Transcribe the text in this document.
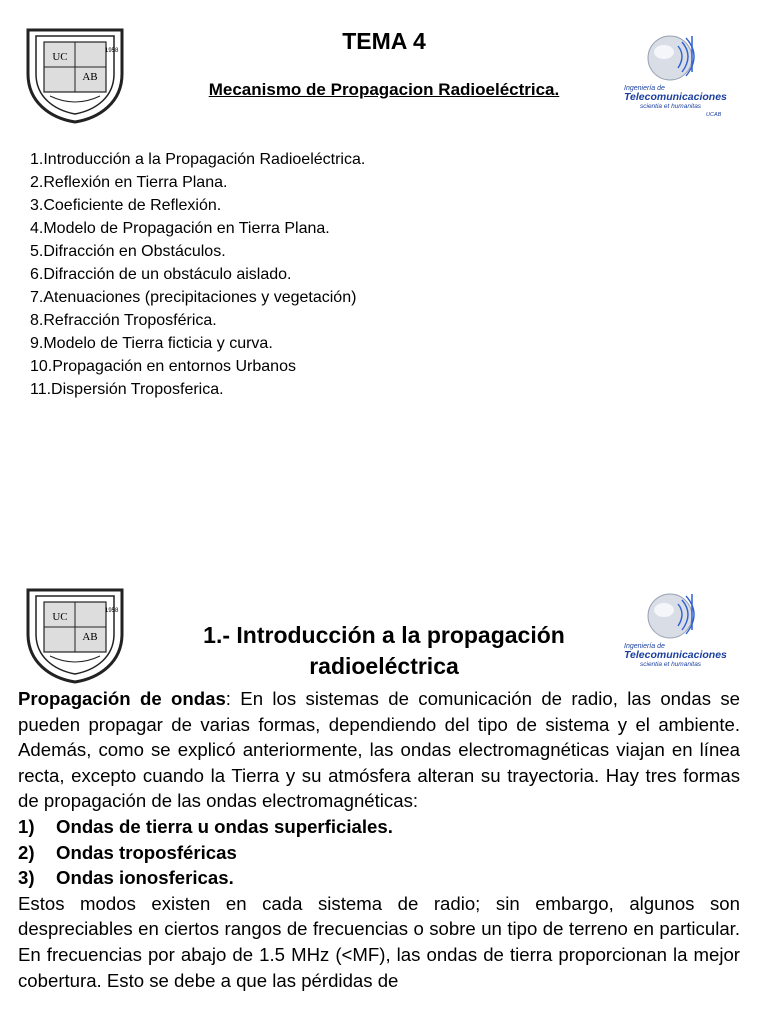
UC
AB
1958	TEMA 4
Ingeniería de
Telecomunicaciones
scientia et humanitas
UCAB
Mecanismo de Propagacion Radioeléctrica.
1.Introducción a la Propagación Radioeléctrica.
2.Reflexión en Tierra Plana.
3.Coeficiente de Reflexión.
4.Modelo de Propagación en Tierra Plana.
5.Difracción en Obstáculos.
6.Difracción de un obstáculo aislado.
7.Atenuaciones (precipitaciones y vegetación)
8.Refracción Troposférica.
9.Modelo de Tierra ficticia y curva.
10.Propagación en entornos Urbanos
11.Dispersión Troposferica.
UC
AB
1958
1.- Introducción a la propagación
radioeléctrica
Ingeniería de
Telecomunicaciones
scientia et humanitas

Propagación de ondas: En los sistemas de comunicación de radio, las ondas se pueden propagar de varias formas, dependiendo del tipo de sistema y el ambiente. Además, como se explicó anteriormente, las ondas electromagnéticas viajan en línea recta, excepto cuando la Tierra y su atmósfera alteran su trayectoria. Hay tres formas de propagación de las ondas electromagnéticas:

1)	Ondas de tierra u ondas superficiales.
2)	Ondas troposféricas
3)	Ondas ionosfericas.

Estos modos existen en cada sistema de radio; sin embargo, algunos son despreciables en ciertos rangos de frecuencias o sobre un tipo de terreno en particular. En frecuencias por abajo de 1.5 MHz (<MF), las ondas de tierra proporcionan la mejor cobertura. Esto se debe a que las pérdidas de
